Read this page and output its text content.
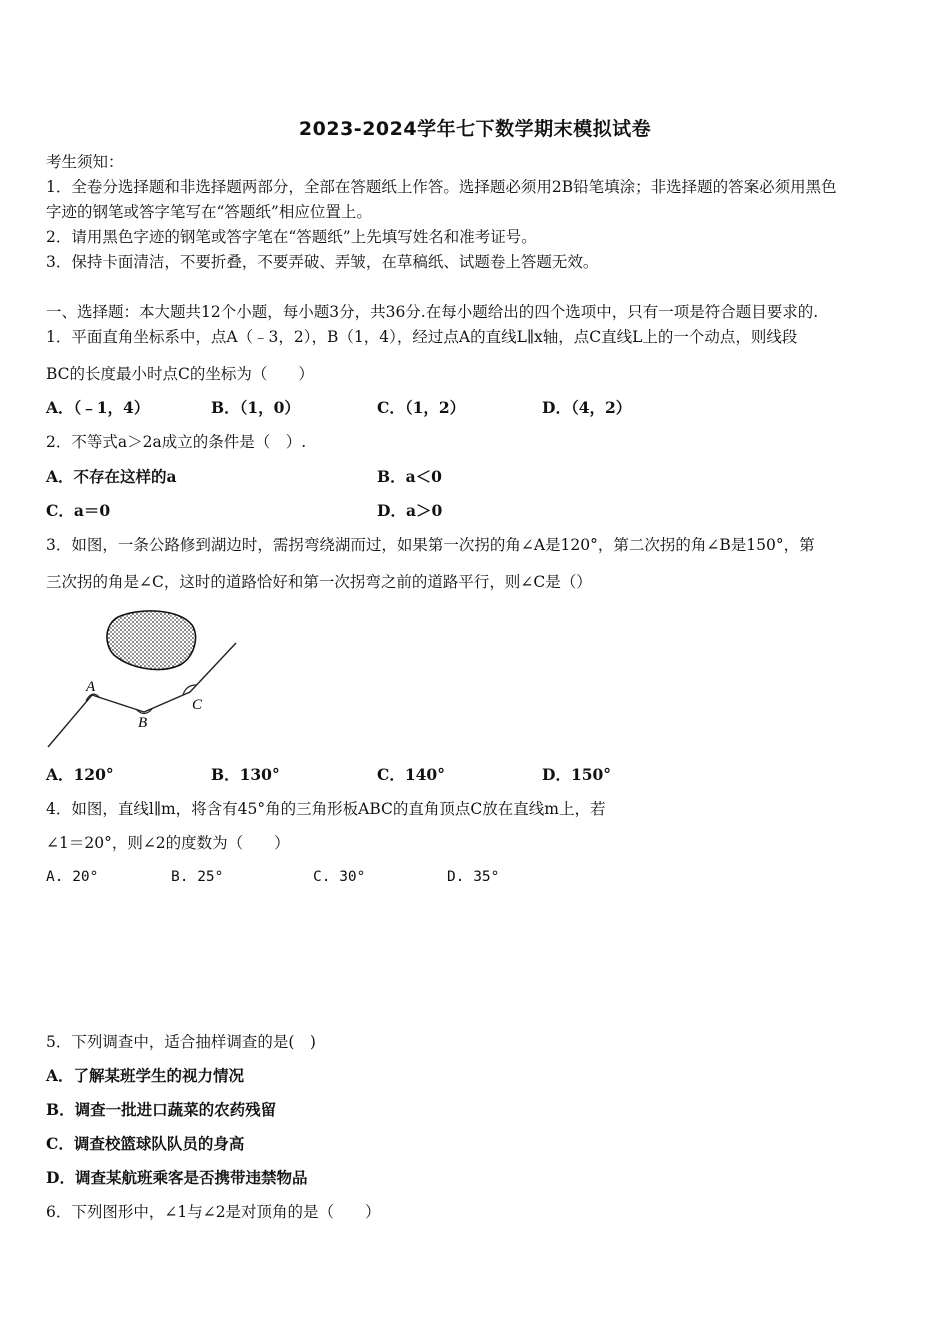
2023-2024学年七下数学期末模拟试卷
考生须知：
1．全卷分选择题和非选择题两部分，全部在答题纸上作答。选择题必须用2B铅笔填涂；非选择题的答案必须用黑色
字迹的钢笔或答字笔写在“答题纸”相应位置上。
2．请用黑色字迹的钢笔或答字笔在“答题纸”上先填写姓名和准考证号。
3．保持卡面清洁，不要折叠，不要弄破、弄皱，在草稿纸、试题卷上答题无效。
一、选择题：本大题共12个小题，每小题3分，共36分.在每小题给出的四个选项中，只有一项是符合题目要求的.
1．平面直角坐标系中，点A（﹣3，2），B（1，4），经过点A的直线L∥x轴，点C直线L上的一个动点，则线段
BC的长度最小时点C的坐标为（　　）
A．（﹣1，4）	B．（1，0）	C．（1，2）	D．（4，2）
2．不等式a＞2a成立的条件是（　）.
A．不存在这样的a	B．a＜0
C．a＝0	D．a＞0
3．如图，一条公路修到湖边时，需拐弯绕湖而过，如果第一次拐的角∠A是120°，第二次拐的角∠B是150°，第
三次拐的角是∠C，这时的道路恰好和第一次拐弯之前的道路平行，则∠C是（）
A
B
C
A．120°	B．130°	C．140°	D．150°
4．如图，直线l∥m，将含有45°角的三角形板ABC的直角顶点C放在直线m上，若
∠1＝20°，则∠2的度数为（　　）
A. 20°	B. 25°	C. 30°	D. 35°
5．下列调查中，适合抽样调查的是(　)
A．了解某班学生的视力情况
B．调查一批进口蔬菜的农药残留
C．调查校篮球队队员的身高
D．调查某航班乘客是否携带违禁物品
6．下列图形中，∠1与∠2是对顶角的是（　　）
